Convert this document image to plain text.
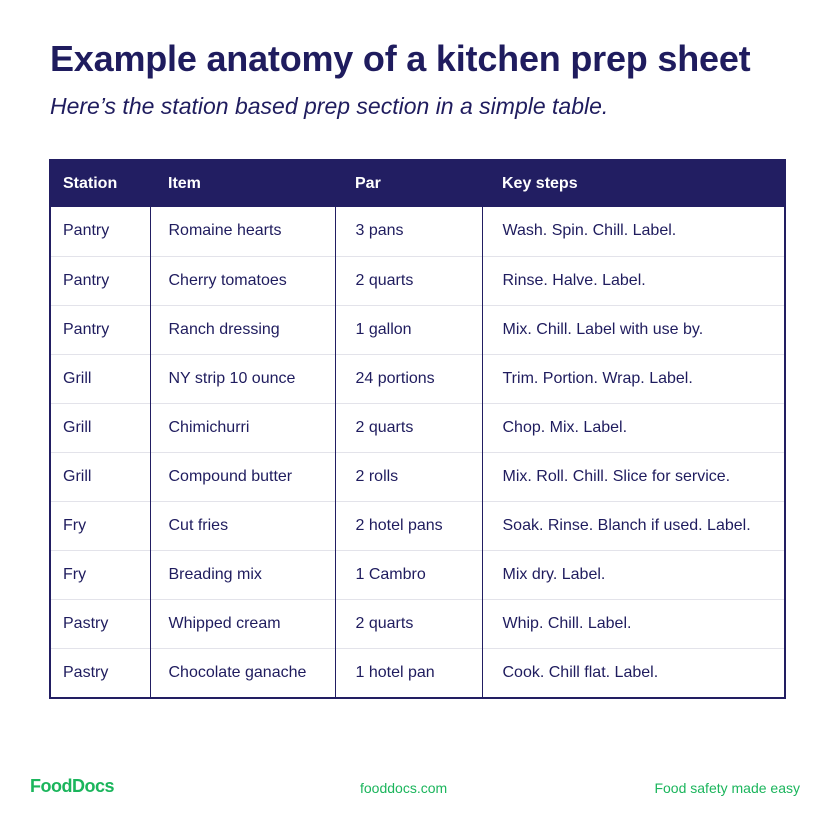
Example anatomy of a kitchen prep sheet

Here’s the station based prep section in a simple table.

Station	Item	Par	Key steps
Pantry	Romaine hearts	3 pans	Wash. Spin. Chill. Label.
Pantry	Cherry tomatoes	2 quarts	Rinse. Halve. Label.
Pantry	Ranch dressing	1 gallon	Mix. Chill. Label with use by.
Grill	NY strip 10 ounce	24 portions	Trim. Portion. Wrap. Label.
Grill	Chimichurri	2 quarts	Chop. Mix. Label.
Grill	Compound butter	2 rolls	Mix. Roll. Chill. Slice for service.
Fry	Cut fries	2 hotel pans	Soak. Rinse. Blanch if used. Label.
Fry	Breading mix	1 Cambro	Mix dry. Label.
Pastry	Whipped cream	2 quarts	Whip. Chill. Label.
Pastry	Chocolate ganache	1 hotel pan	Cook. Chill flat. Label.
FoodDocs	fooddocs.com	Food safety made easy
